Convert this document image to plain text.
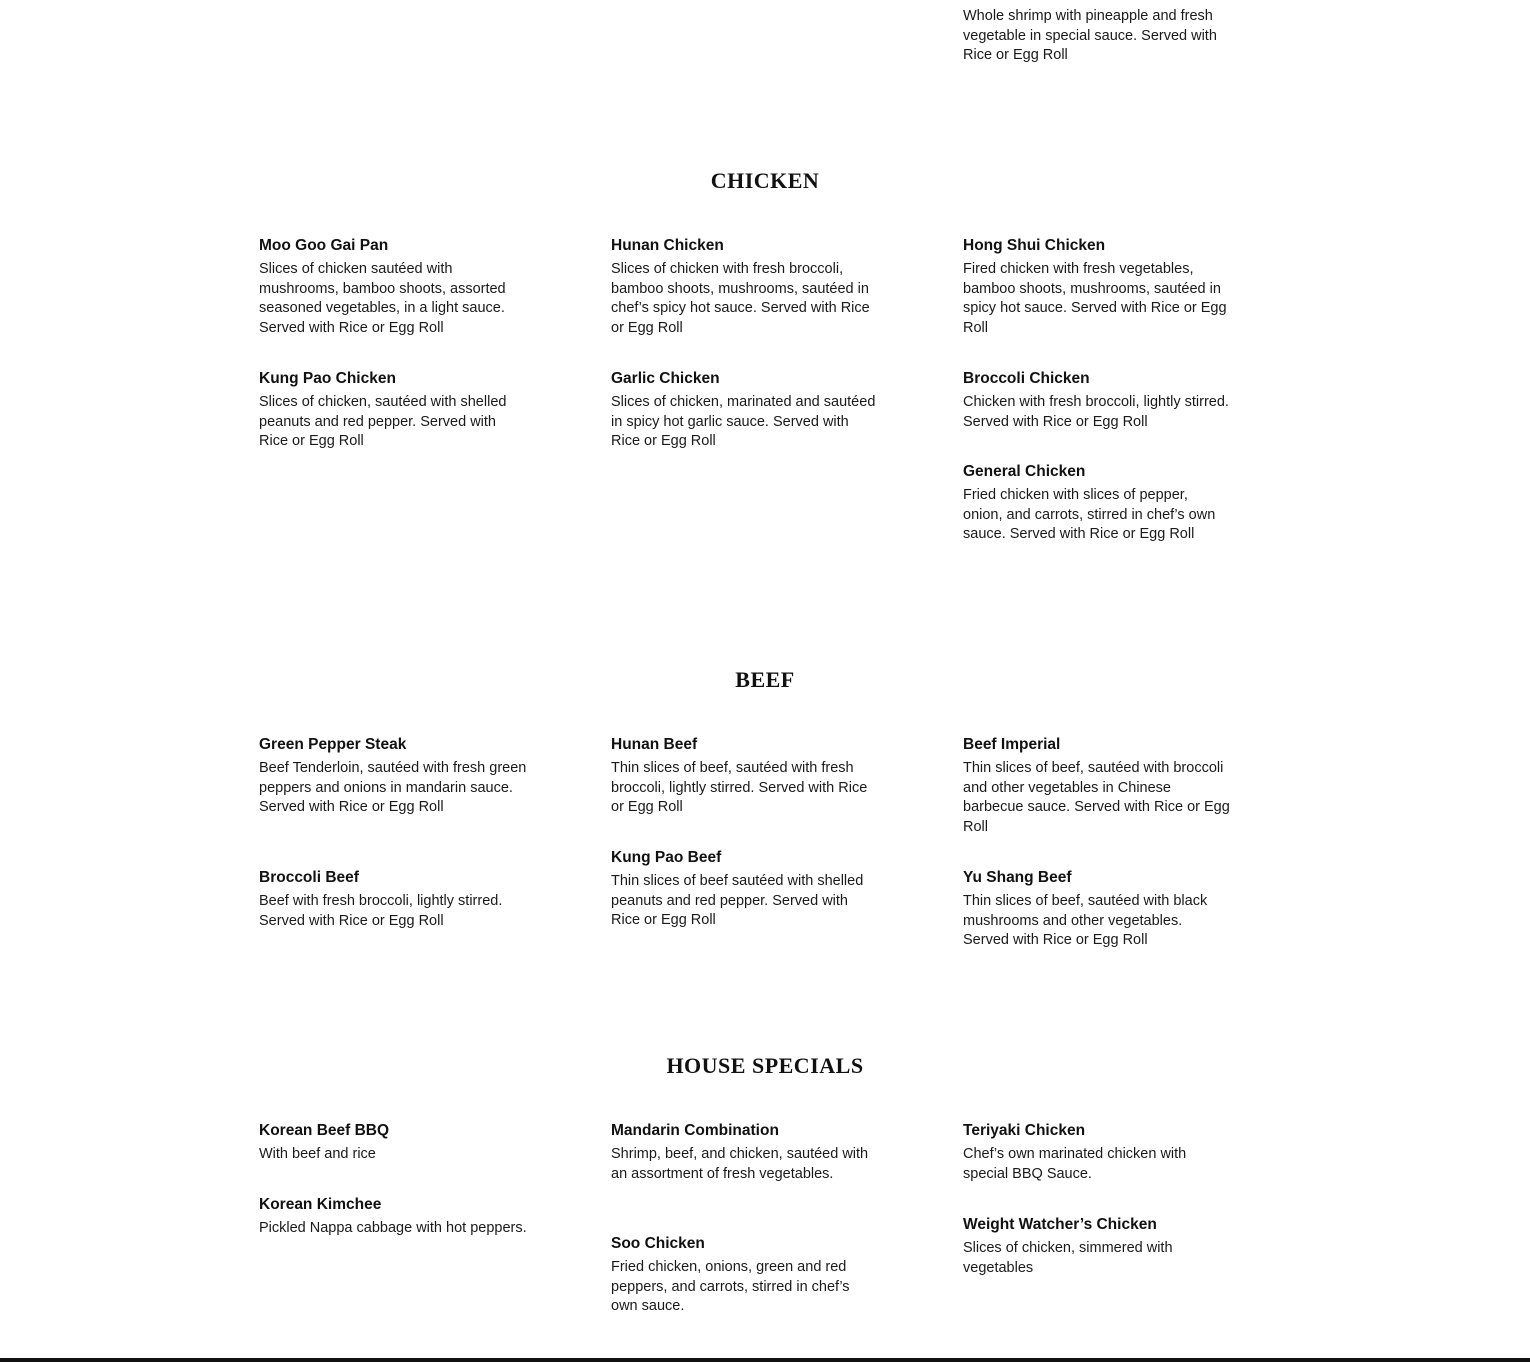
Whole shrimp with pineapple and fresh vegetable in special sauce. Served with Rice or Egg Roll

CHICKEN

Moo Goo Gai Pan

Slices of chicken sautéed with mushrooms, bamboo shoots, assorted seasoned vegetables, in a light sauce. Served with Rice or Egg Roll

Hunan Chicken

Slices of chicken with fresh broccoli, bamboo shoots, mushrooms, sautéed in chef’s spicy hot sauce. Served with Rice or Egg Roll

Hong Shui Chicken

Fired chicken with fresh vegetables, bamboo shoots, mushrooms, sautéed in spicy hot sauce. Served with Rice or Egg Roll

Kung Pao Chicken

Slices of chicken, sautéed with shelled peanuts and red pepper. Served with Rice or Egg Roll

Garlic Chicken

Slices of chicken, marinated and sautéed in spicy hot garlic sauce. Served with Rice or Egg Roll

Broccoli Chicken

Chicken with fresh broccoli, lightly stirred. Served with Rice or Egg Roll

General Chicken

Fried chicken with slices of pepper, onion, and carrots, stirred in chef’s own sauce. Served with Rice or Egg Roll

BEEF

Green Pepper Steak

Beef Tenderloin, sautéed with fresh green peppers and onions in mandarin sauce. Served with Rice or Egg Roll

Hunan Beef

Thin slices of beef, sautéed with fresh broccoli, lightly stirred. Served with Rice or Egg Roll

Beef Imperial

Thin slices of beef, sautéed with broccoli and other vegetables in Chinese barbecue sauce. Served with Rice or Egg Roll

Broccoli Beef

Beef with fresh broccoli, lightly stirred. Served with Rice or Egg Roll

Kung Pao Beef

Thin slices of beef sautéed with shelled peanuts and red pepper. Served with Rice or Egg Roll

Yu Shang Beef

Thin slices of beef, sautéed with black mushrooms and other vegetables. Served with Rice or Egg Roll

HOUSE SPECIALS

Korean Beef BBQ

With beef and rice

Mandarin Combination

Shrimp, beef, and chicken, sautéed with an assortment of fresh vegetables.

Teriyaki Chicken

Chef’s own marinated chicken with special BBQ Sauce.

Korean Kimchee

Pickled Nappa cabbage with hot peppers.

Soo Chicken

Fried chicken, onions, green and red peppers, and carrots, stirred in chef’s own sauce.

Weight Watcher’s Chicken

Slices of chicken, simmered with vegetables
